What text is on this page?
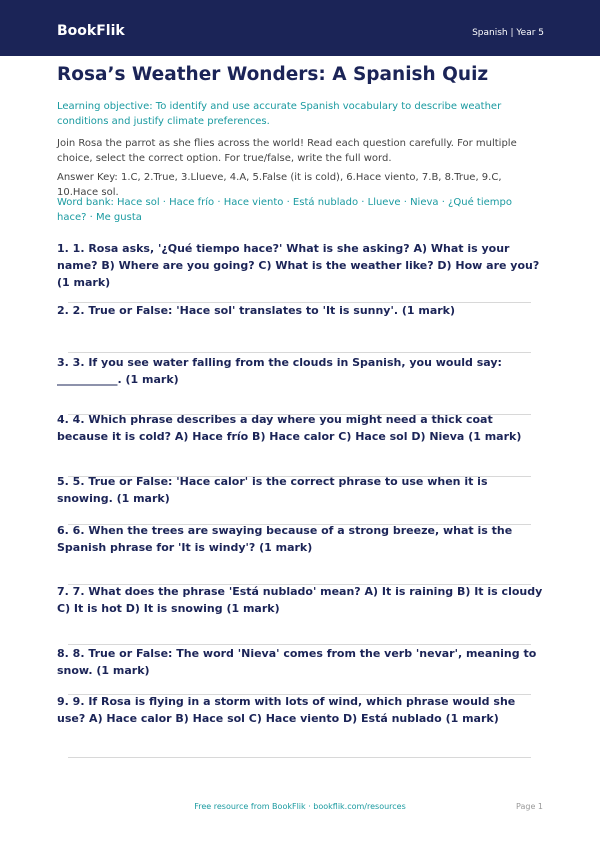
BookFlik	Spanish | Year 5
Rosa’s Weather Wonders: A Spanish Quiz

Learning objective: To identify and use accurate Spanish vocabulary to describe weather conditions and justify climate preferences.

Join Rosa the parrot as she flies across the world! Read each question carefully. For multiple choice, select the correct option. For true/false, write the full word.

Answer Key: 1.C, 2.True, 3.Llueve, 4.A, 5.False (it is cold), 6.Hace viento, 7.B, 8.True, 9.C, 10.Hace sol.

Word bank: Hace sol · Hace frío · Hace viento · Está nublado · Llueve · Nieva · ¿Qué tiempo hace? · Me gusta

1. 1. Rosa asks, '¿Qué tiempo hace?' What is she asking? A) What is your name? B) Where are you going? C) What is the weather like? D) How are you? (1 mark)

2. 2. True or False: 'Hace sol' translates to 'It is sunny'. (1 mark)

3. 3. If you see water falling from the clouds in Spanish, you would say: ___________. (1 mark)

4. 4. Which phrase describes a day where you might need a thick coat because it is cold? A) Hace frío B) Hace calor C) Hace sol D) Nieva (1 mark)

5. 5. True or False: 'Hace calor' is the correct phrase to use when it is snowing. (1 mark)

6. 6. When the trees are swaying because of a strong breeze, what is the Spanish phrase for 'It is windy'? (1 mark)

7. 7. What does the phrase 'Está nublado' mean? A) It is raining B) It is cloudy C) It is hot D) It is snowing (1 mark)

8. 8. True or False: The word 'Nieva' comes from the verb 'nevar', meaning to snow. (1 mark)

9. 9. If Rosa is flying in a storm with lots of wind, which phrase would she use? A) Hace calor B) Hace sol C) Hace viento D) Está nublado (1 mark)

Free resource from BookFlik · bookflik.com/resources	Page 1
